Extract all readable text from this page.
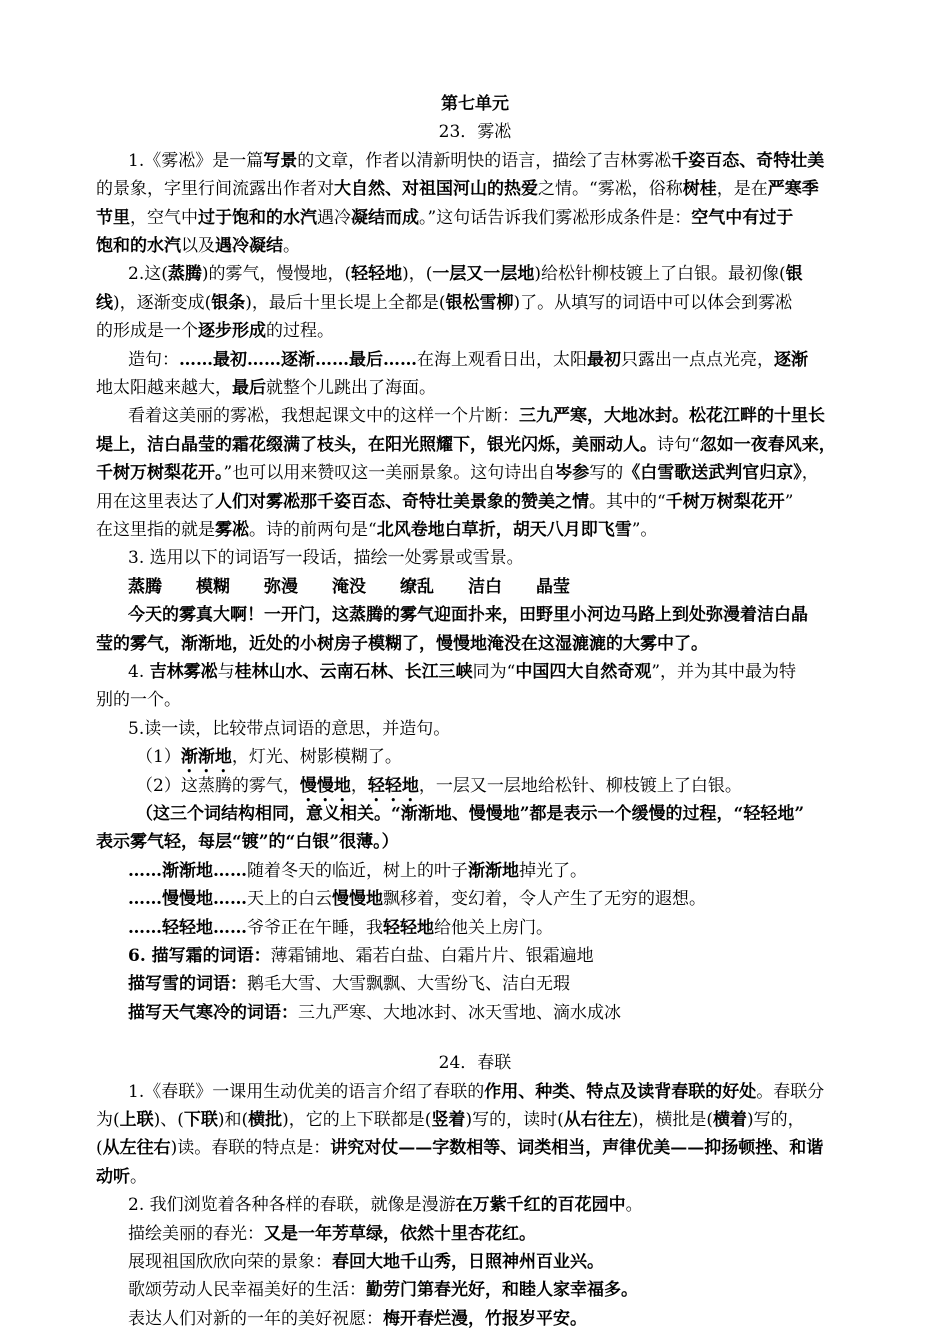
第七单元
23．雾凇
1.《雾凇》是一篇写景的文章，作者以清新明快的语言，描绘了吉林雾凇千姿百态、奇特壮美
的景象，字里行间流露出作者对大自然、对祖国河山的热爱之情。“雾凇，俗称树桂，是在严寒季
节里，空气中过于饱和的水汽遇冷凝结而成。”这句话告诉我们雾凇形成条件是：空气中有过于
饱和的水汽以及遇冷凝结。
2.这(蒸腾)的雾气，慢慢地，(轻轻地)，(一层又一层地)给松针柳枝镀上了白银。最初像(银
线)，逐渐变成(银条)，最后十里长堤上全都是(银松雪柳)了。从填写的词语中可以体会到雾凇
的形成是一个逐步形成的过程。
造句：……最初……逐渐……最后……在海上观看日出，太阳最初只露出一点点光亮，逐渐
地太阳越来越大，最后就整个儿跳出了海面。
看着这美丽的雾凇，我想起课文中的这样一个片断：三九严寒，大地冰封。松花江畔的十里长
堤上，洁白晶莹的霜花缀满了枝头，在阳光照耀下，银光闪烁，美丽动人。诗句“忽如一夜春风来，
千树万树梨花开。”也可以用来赞叹这一美丽景象。这句诗出自岑参写的《白雪歌送武判官归京》，
用在这里表达了人们对雾凇那千姿百态、奇特壮美景象的赞美之情。其中的“千树万树梨花开”
在这里指的就是雾凇。诗的前两句是“北风卷地白草折，胡天八月即飞雪”。
3. 选用以下的词语写一段话，描绘一处雾景或雪景。
蒸腾 模糊 弥漫 淹没 缭乱 洁白 晶莹
今天的雾真大啊！一开门，这蒸腾的雾气迎面扑来，田野里小河边马路上到处弥漫着洁白晶
莹的雾气，渐渐地，近处的小树房子模糊了，慢慢地淹没在这湿漉漉的大雾中了。
4. 吉林雾凇与桂林山水、云南石林、长江三峡同为“中国四大自然奇观”，并为其中最为特
别的一个。
5.读一读，比较带点词语的意思，并造句。
（1）渐渐地，灯光、树影模糊了。
（2）这蒸腾的雾气，慢慢地，轻轻地，一层又一层地给松针、柳枝镀上了白银。
（这三个词结构相同，意义相关。“渐渐地、慢慢地”都是表示一个缓慢的过程，“轻轻地”
表示雾气轻，每层“镀”的“白银”很薄。）
……渐渐地……随着冬天的临近，树上的叶子渐渐地掉光了。
……慢慢地……天上的白云慢慢地飘移着，变幻着，令人产生了无穷的遐想。
……轻轻地……爷爷正在午睡，我轻轻地给他关上房门。
6. 描写霜的词语：薄霜铺地、霜若白盐、白霜片片、银霜遍地
描写雪的词语：鹅毛大雪、大雪飘飘、大雪纷飞、洁白无瑕
描写天气寒冷的词语：三九严寒、大地冰封、冰天雪地、滴水成冰
24．春联
1.《春联》一课用生动优美的语言介绍了春联的作用、种类、特点及读背春联的好处。春联分
为(上联)、(下联)和(横批)，它的上下联都是(竖着)写的，读时(从右往左)，横批是(横着)写的，
(从左往右)读。春联的特点是：讲究对仗——字数相等、词类相当，声律优美——抑扬顿挫、和谐
动听。
2. 我们浏览着各种各样的春联，就像是漫游在万紫千红的百花园中。
描绘美丽的春光：又是一年芳草绿，依然十里杏花红。
展现祖国欣欣向荣的景象：春回大地千山秀，日照神州百业兴。
歌颂劳动人民幸福美好的生活：勤劳门第春光好，和睦人家幸福多。
表达人们对新的一年的美好祝愿：梅开春烂漫，竹报岁平安。
